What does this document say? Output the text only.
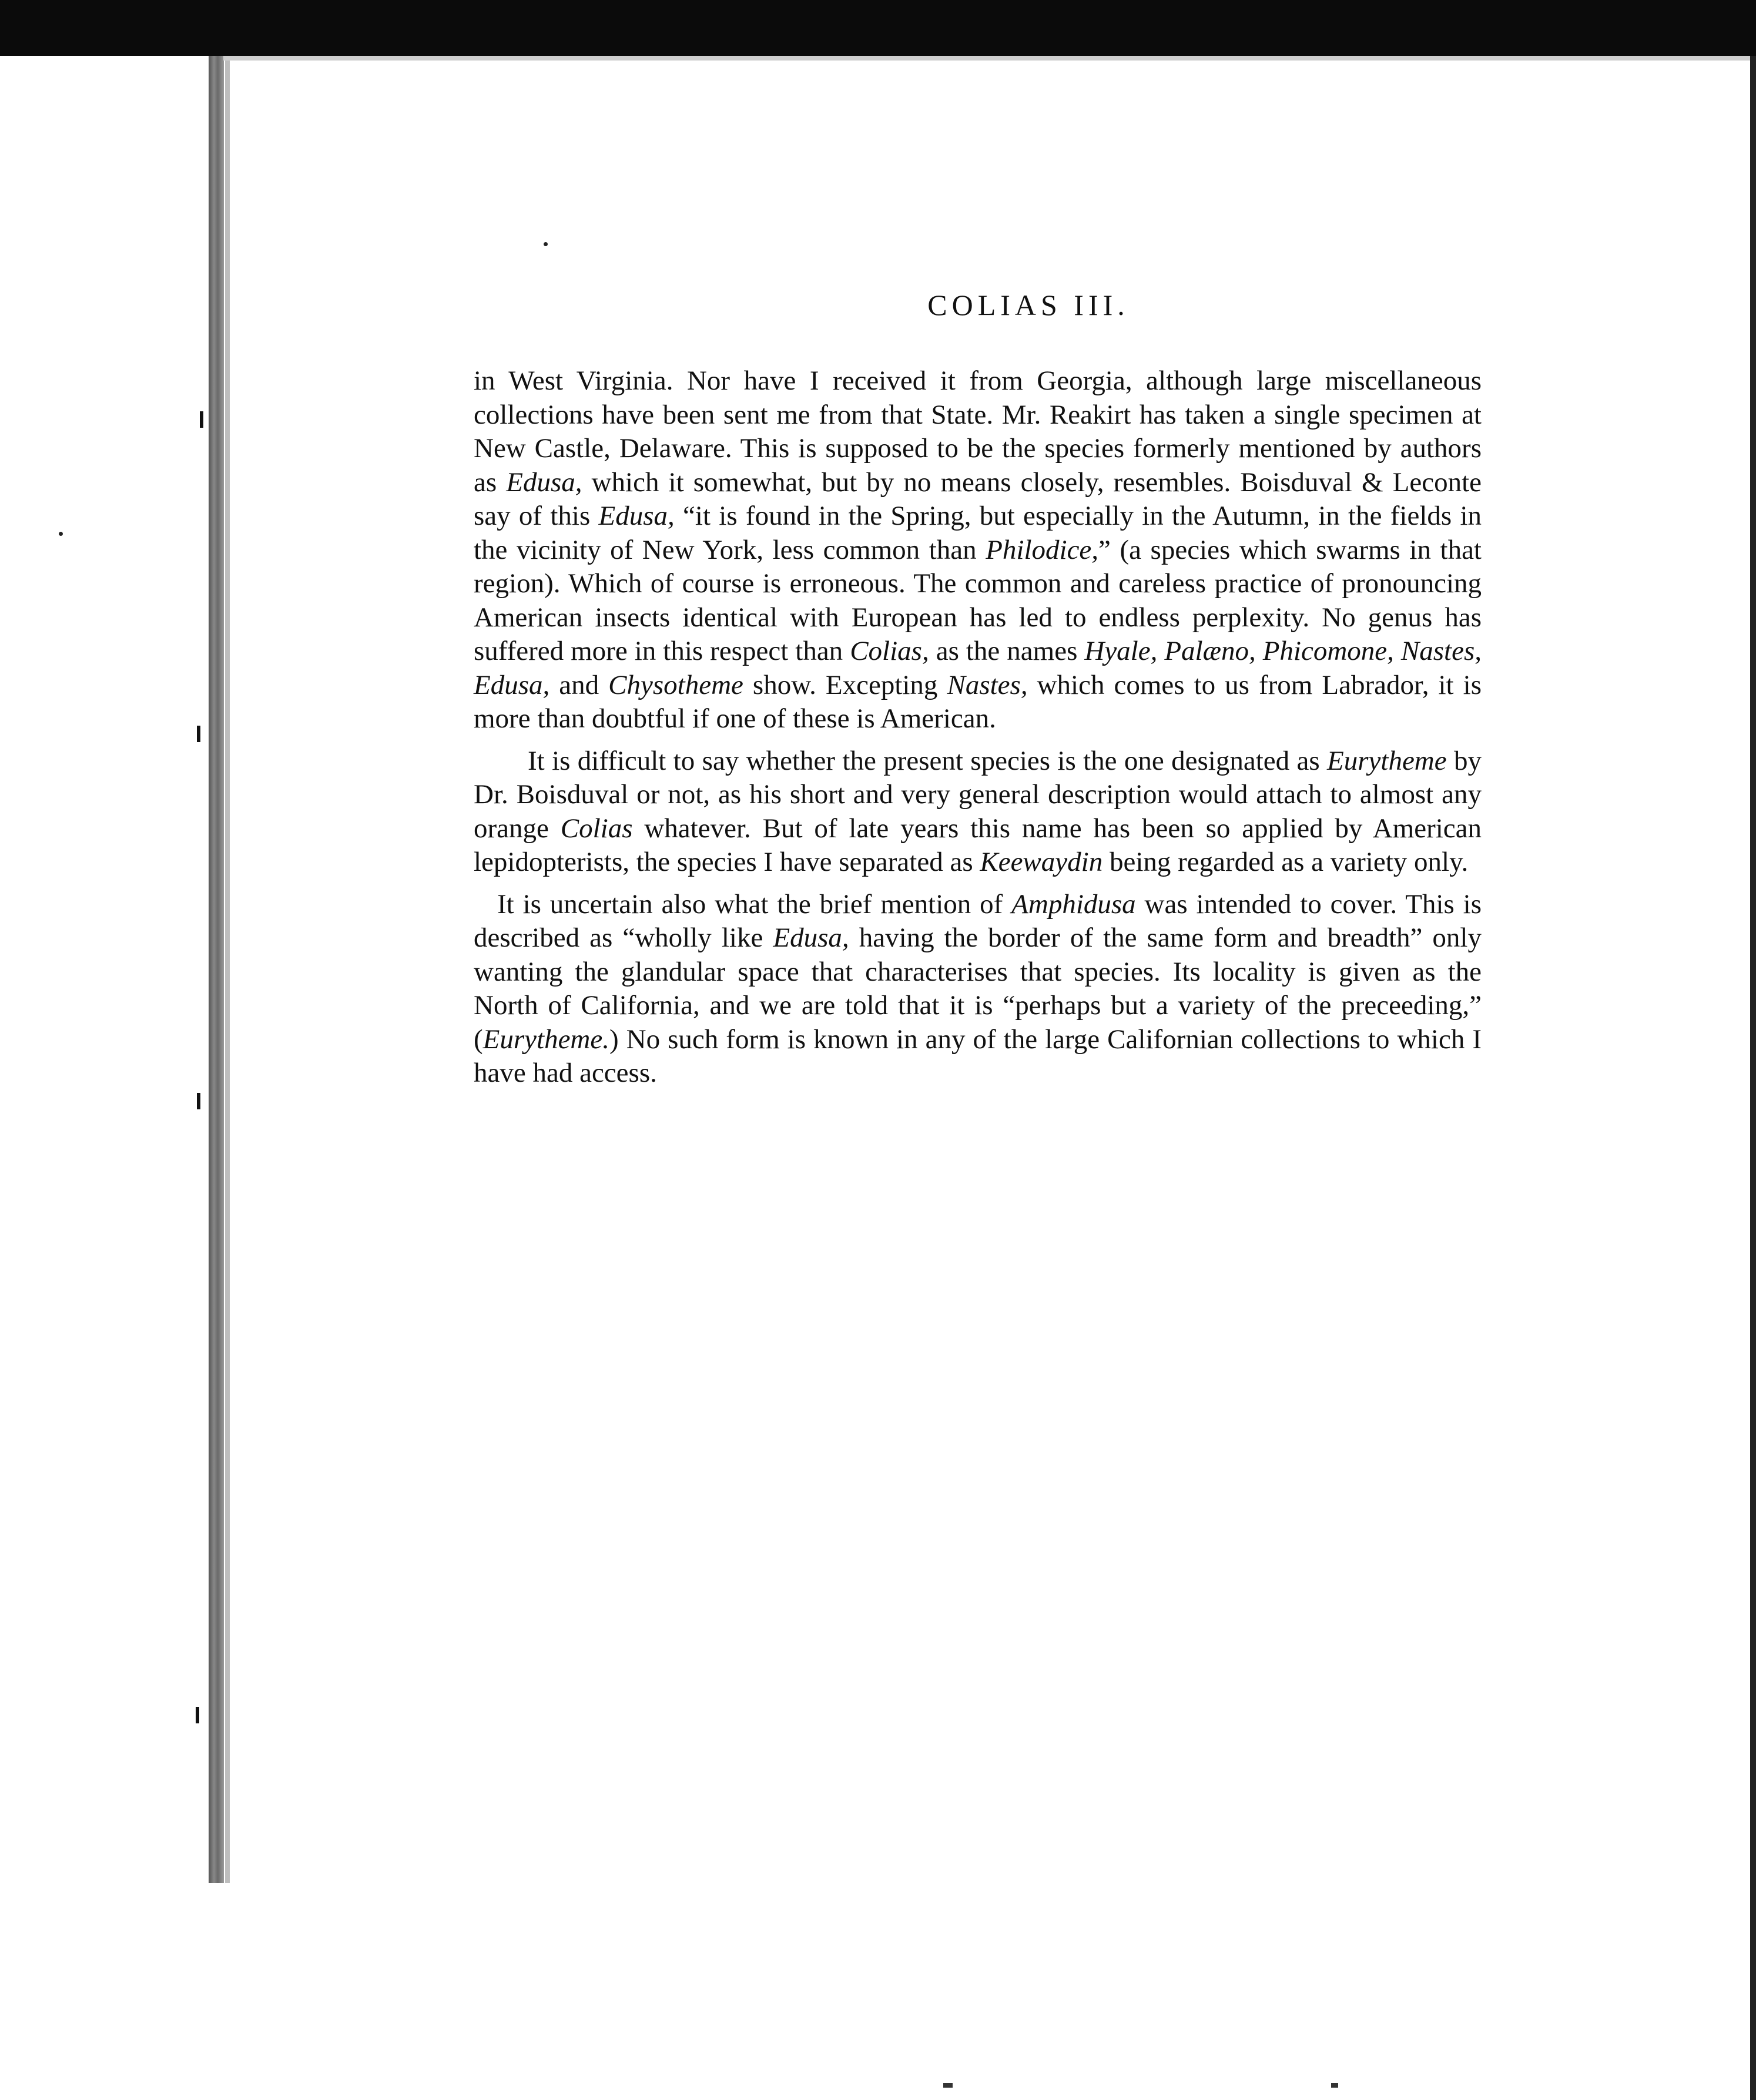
COLIAS III.

in West Virginia. Nor have I received it from Georgia, although large miscellaneous collections have been sent me from that State. Mr. Reakirt has taken a single specimen at New Castle, Delaware. This is supposed to be the species formerly mentioned by authors as Edusa, which it somewhat, but by no means closely, resembles. Boisduval & Leconte say of this Edusa, “it is found in the Spring, but especially in the Autumn, in the fields in the vicinity of New York, less common than Philodice,” (a species which swarms in that region). Which of course is erroneous. The common and careless practice of pronouncing American insects identical with European has led to endless perplexity. No genus has suffered more in this respect than Colias, as the names Hyale, Palæno, Phicomone, Nastes, Edusa, and Chysotheme show. Excepting Nastes, which comes to us from Labrador, it is more than doubtful if one of these is American.

It is difficult to say whether the present species is the one designated as Eurytheme by Dr. Boisduval or not, as his short and very general description would attach to almost any orange Colias whatever. But of late years this name has been so applied by American lepidopterists, the species I have separated as Keewaydin being regarded as a variety only.

It is uncertain also what the brief mention of Amphidusa was intended to cover. This is described as “wholly like Edusa, having the border of the same form and breadth” only wanting the glandular space that characterises that species. Its locality is given as the North of California, and we are told that it is “perhaps but a variety of the preceeding,” (Eurytheme.) No such form is known in any of the large Californian collections to which I have had access.
